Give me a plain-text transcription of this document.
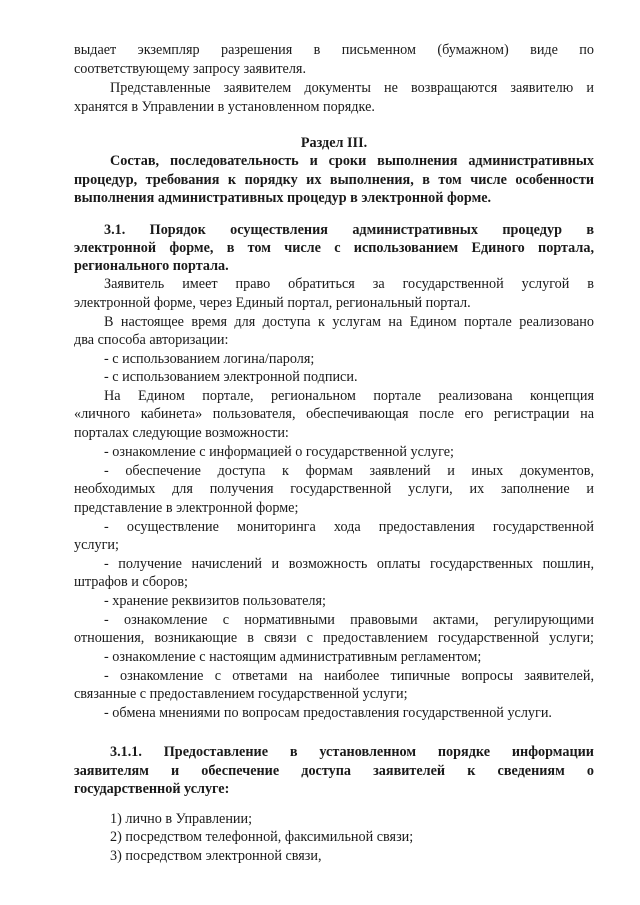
выдает экземпляр разрешения в письменном (бумажном) виде по
соответствующему запросу заявителя.
Представленные заявителем документы не возвращаются заявителю и
хранятся в Управлении в установленном порядке.
Раздел III.
Состав, последовательность и сроки выполнения административных
процедур, требования к порядку их выполнения, в том числе особенности
выполнения административных процедур в электронной форме.
3.1. Порядок осуществления административных процедур в
электронной форме, в том числе с использованием Единого портала,
регионального портала.
Заявитель имеет право обратиться за государственной услугой в
электронной форме, через Единый портал, региональный портал.
В настоящее время для доступа к услугам на Едином портале реализовано
два способа авторизации:
- с использованием логина/пароля;
- с использованием электронной подписи.
На Едином портале, региональном портале реализована концепция
«личного кабинета» пользователя, обеспечивающая после его регистрации на
порталах следующие возможности:
- ознакомление с информацией о государственной услуге;
- обеспечение доступа к формам заявлений и иных документов,
необходимых для получения государственной услуги, их заполнение и
представление в электронной форме;
- осуществление мониторинга хода предоставления государственной
услуги;
- получение начислений и возможность оплаты государственных пошлин,
штрафов и сборов;
- хранение реквизитов пользователя;
- ознакомление с нормативными правовыми актами, регулирующими
отношения, возникающие в связи с предоставлением государственной услуги;
- ознакомление с настоящим административным регламентом;
- ознакомление с ответами на наиболее типичные вопросы заявителей,
связанные с предоставлением государственной услуги;
- обмена мнениями по вопросам предоставления государственной услуги.
3.1.1. Предоставление в установленном порядке информации
заявителям и обеспечение доступа заявителей к сведениям о
государственной услуге:
1) лично в Управлении;
2) посредством телефонной, факсимильной связи;
3) посредством электронной связи,
